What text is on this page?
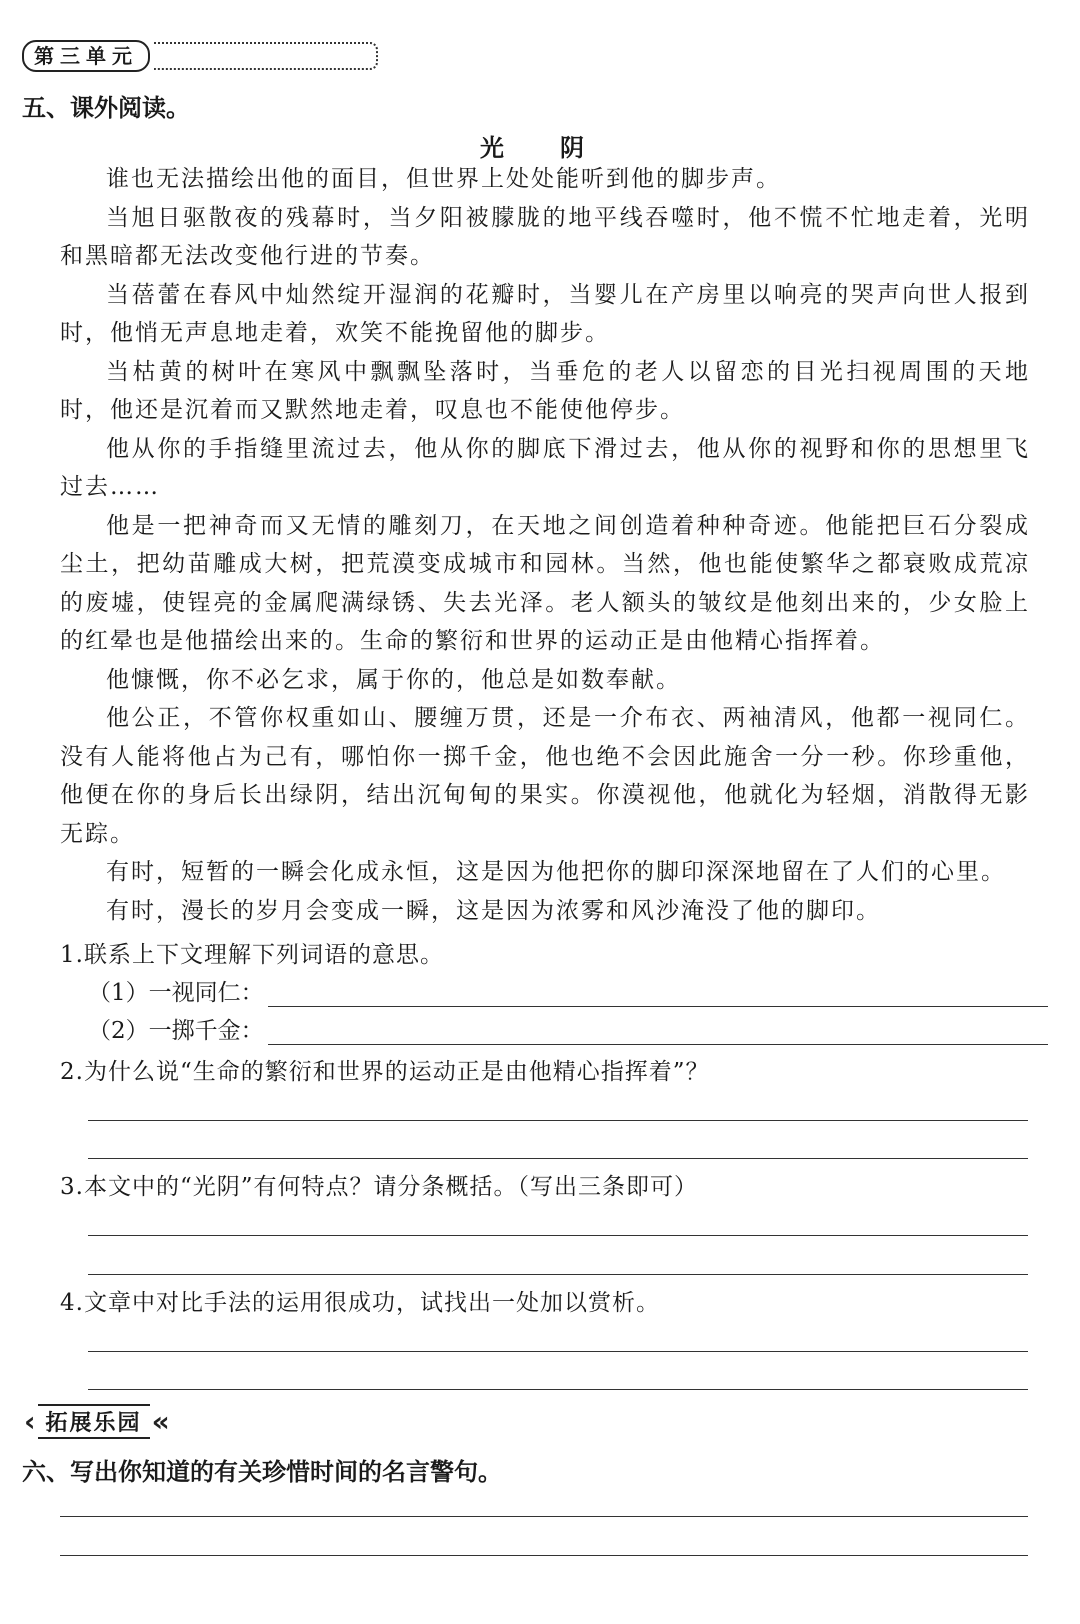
第三单元
五、课外阅读。
光　阴

谁也无法描绘出他的面目，但世界上处处能听到他的脚步声。

当旭日驱散夜的残幕时，当夕阳被朦胧的地平线吞噬时，他不慌不忙地走着，光明和黑暗都无法改变他行进的节奏。

当蓓蕾在春风中灿然绽开湿润的花瓣时，当婴儿在产房里以响亮的哭声向世人报到时，他悄无声息地走着，欢笑不能挽留他的脚步。

当枯黄的树叶在寒风中飘飘坠落时，当垂危的老人以留恋的目光扫视周围的天地时，他还是沉着而又默然地走着，叹息也不能使他停步。

他从你的手指缝里流过去，他从你的脚底下滑过去，他从你的视野和你的思想里飞过去……

他是一把神奇而又无情的雕刻刀，在天地之间创造着种种奇迹。他能把巨石分裂成尘土，把幼苗雕成大树，把荒漠变成城市和园林。当然，他也能使繁华之都衰败成荒凉的废墟，使锃亮的金属爬满绿锈、失去光泽。老人额头的皱纹是他刻出来的，少女脸上的红晕也是他描绘出来的。生命的繁衍和世界的运动正是由他精心指挥着。

他慷慨，你不必乞求，属于你的，他总是如数奉献。

他公正，不管你权重如山、腰缠万贯，还是一介布衣、两袖清风，他都一视同仁。没有人能将他占为己有，哪怕你一掷千金，他也绝不会因此施舍一分一秒。你珍重他，他便在你的身后长出绿阴，结出沉甸甸的果实。你漠视他，他就化为轻烟，消散得无影无踪。

有时，短暂的一瞬会化成永恒，这是因为他把你的脚印深深地留在了人们的心里。

有时，漫长的岁月会变成一瞬，这是因为浓雾和风沙淹没了他的脚印。

1.联系上下文理解下列词语的意思。
（1）一视同仁：
（2）一掷千金：
2.为什么说“生命的繁衍和世界的运动正是由他精心指挥着”？
3.本文中的“光阴”有何特点？请分条概括。（写出三条即可）
4.文章中对比手法的运用很成功，试找出一处加以赏析。
‹ 拓展乐园 «
六、写出你知道的有关珍惜时间的名言警句。
